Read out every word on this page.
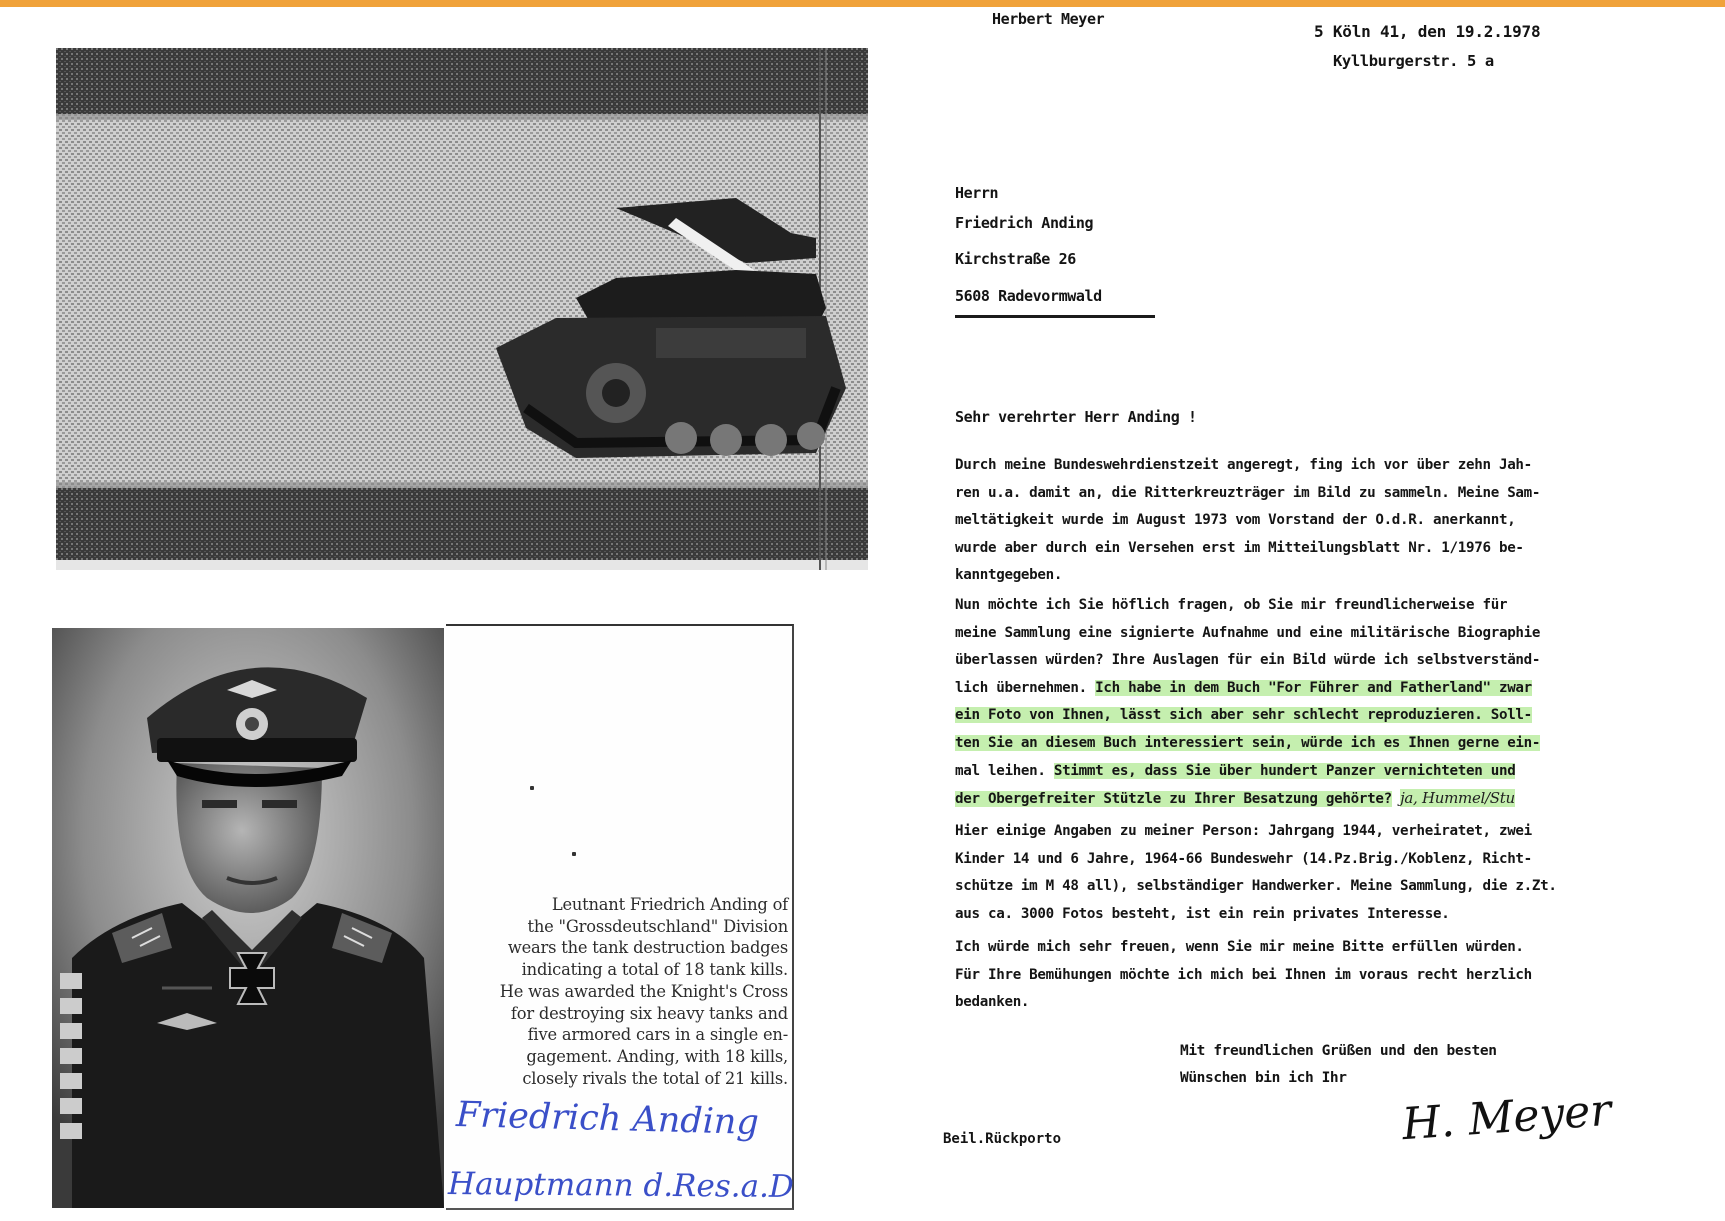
Leutnant Friedrich Anding of
the "Grossdeutschland" Division
wears the tank destruction badges
indicating a total of 18 tank kills.
He was awarded the Knight's Cross
for destroying six heavy tanks and
five armored cars in a single en-
gagement. Anding, with 18 kills,
closely rivals the total of 21 kills.

Friedrich Anding
Hauptmann d.Res.a.D
Herbert Meyer
5 Köln 41, den 19.2.1978
Kyllburgerstr. 5 a
Herrn
Friedrich Anding
Kirchstraße 26
5608 Radevormwald
Sehr verehrter Herr Anding !
Durch meine Bundeswehrdienstzeit angeregt, fing ich vor über zehn Jah-
ren u.a. damit an, die Ritterkreuzträger im Bild zu sammeln. Meine Sam-
meltätigkeit wurde im August 1973 vom Vorstand der O.d.R. anerkannt,
wurde aber durch ein Versehen erst im Mitteilungsblatt Nr. 1/1976 be-
kanntgegeben.
Nun möchte ich Sie höflich fragen, ob Sie mir freundlicherweise für
meine Sammlung eine signierte Aufnahme und eine militärische Biographie
überlassen würden? Ihre Auslagen für ein Bild würde ich selbstverständ-
lich übernehmen. Ich habe in dem Buch "For Führer and Fatherland" zwar
ein Foto von Ihnen, lässt sich aber sehr schlecht reproduzieren. Soll-
ten Sie an diesem Buch interessiert sein, würde ich es Ihnen gerne ein-
mal leihen. Stimmt es, dass Sie über hundert Panzer vernichteten und
der Obergefreiter Stützle zu Ihrer Besatzung gehörte? ja, Hummel/Stu
Hier einige Angaben zu meiner Person: Jahrgang 1944, verheiratet, zwei
Kinder 14 und 6 Jahre, 1964-66 Bundeswehr (14.Pz.Brig./Koblenz, Richt-
schütze im M 48 all), selbständiger Handwerker. Meine Sammlung, die z.Zt.
aus ca. 3000 Fotos besteht, ist ein rein privates Interesse.
Ich würde mich sehr freuen, wenn Sie mir meine Bitte erfüllen würden.
Für Ihre Bemühungen möchte ich mich bei Ihnen im voraus recht herzlich
bedanken.
Mit freundlichen Grüßen und den besten
Wünschen bin ich Ihr
H. Meyer
Beil.Rückporto
